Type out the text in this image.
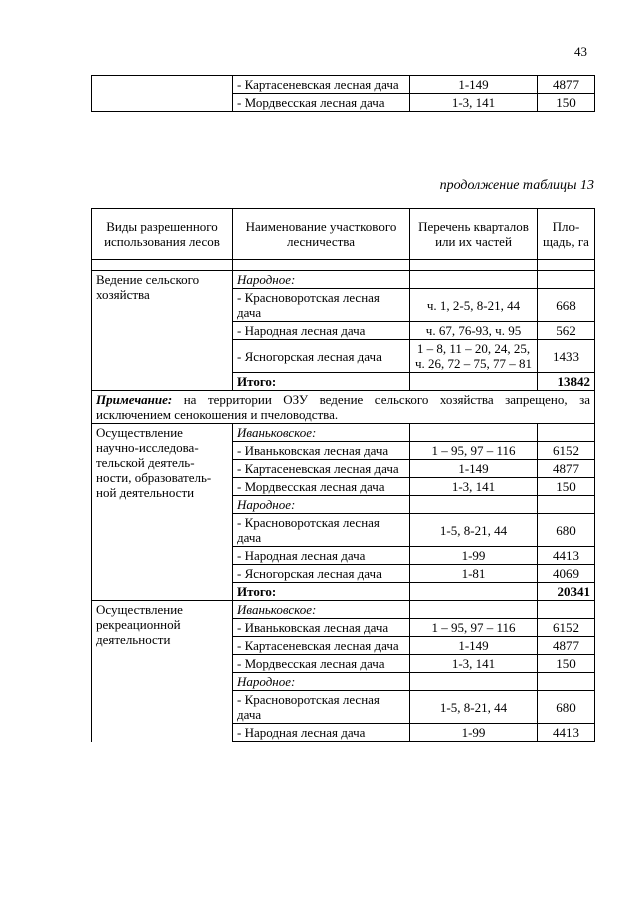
43
	- Картасеневская лесная дача	1-149	4877
	- Мордвесская лесная дача	1-3, 141	150
продолжение таблицы 13
Виды разрешенного использования лесов	Наименование участкового лесничества	Перечень кварталов или их частей	Пло-щадь, га

Ведение сельского хозяйства	Народное:		
	- Красноворотская лесная дача	ч. 1, 2-5, 8-21, 44	668
	- Народная лесная дача	ч. 67, 76-93, ч. 95	562
	- Ясногорская лесная дача	1 – 8, 11 – 20, 24, 25, ч. 26, 72 – 75, 77 – 81	1433
	Итого:		13842
Примечание: на территории ОЗУ ведение сельского хозяйства запрещено, за исключением сенокошения и пчеловодства.			
Осуществление научно-исследова-тельской деятель-ности, образователь-ной деятельности	Иваньковское:		
	- Иваньковская лесная дача	1 – 95, 97 – 116	6152
	- Картасеневская лесная дача	1-149	4877
	- Мордвесская лесная дача	1-3, 141	150
	Народное:		
	- Красноворотская лесная дача	1-5, 8-21, 44	680
	- Народная лесная дача	1-99	4413
	- Ясногорская лесная дача	1-81	4069
	Итого:		20341
Осуществление рекреационной деятельности	Иваньковское:		
	- Иваньковская лесная дача	1 – 95, 97 – 116	6152
	- Картасеневская лесная дача	1-149	4877
	- Мордвесская лесная дача	1-3, 141	150
	Народное:		
	- Красноворотская лесная дача	1-5, 8-21, 44	680
	- Народная лесная дача	1-99	4413
